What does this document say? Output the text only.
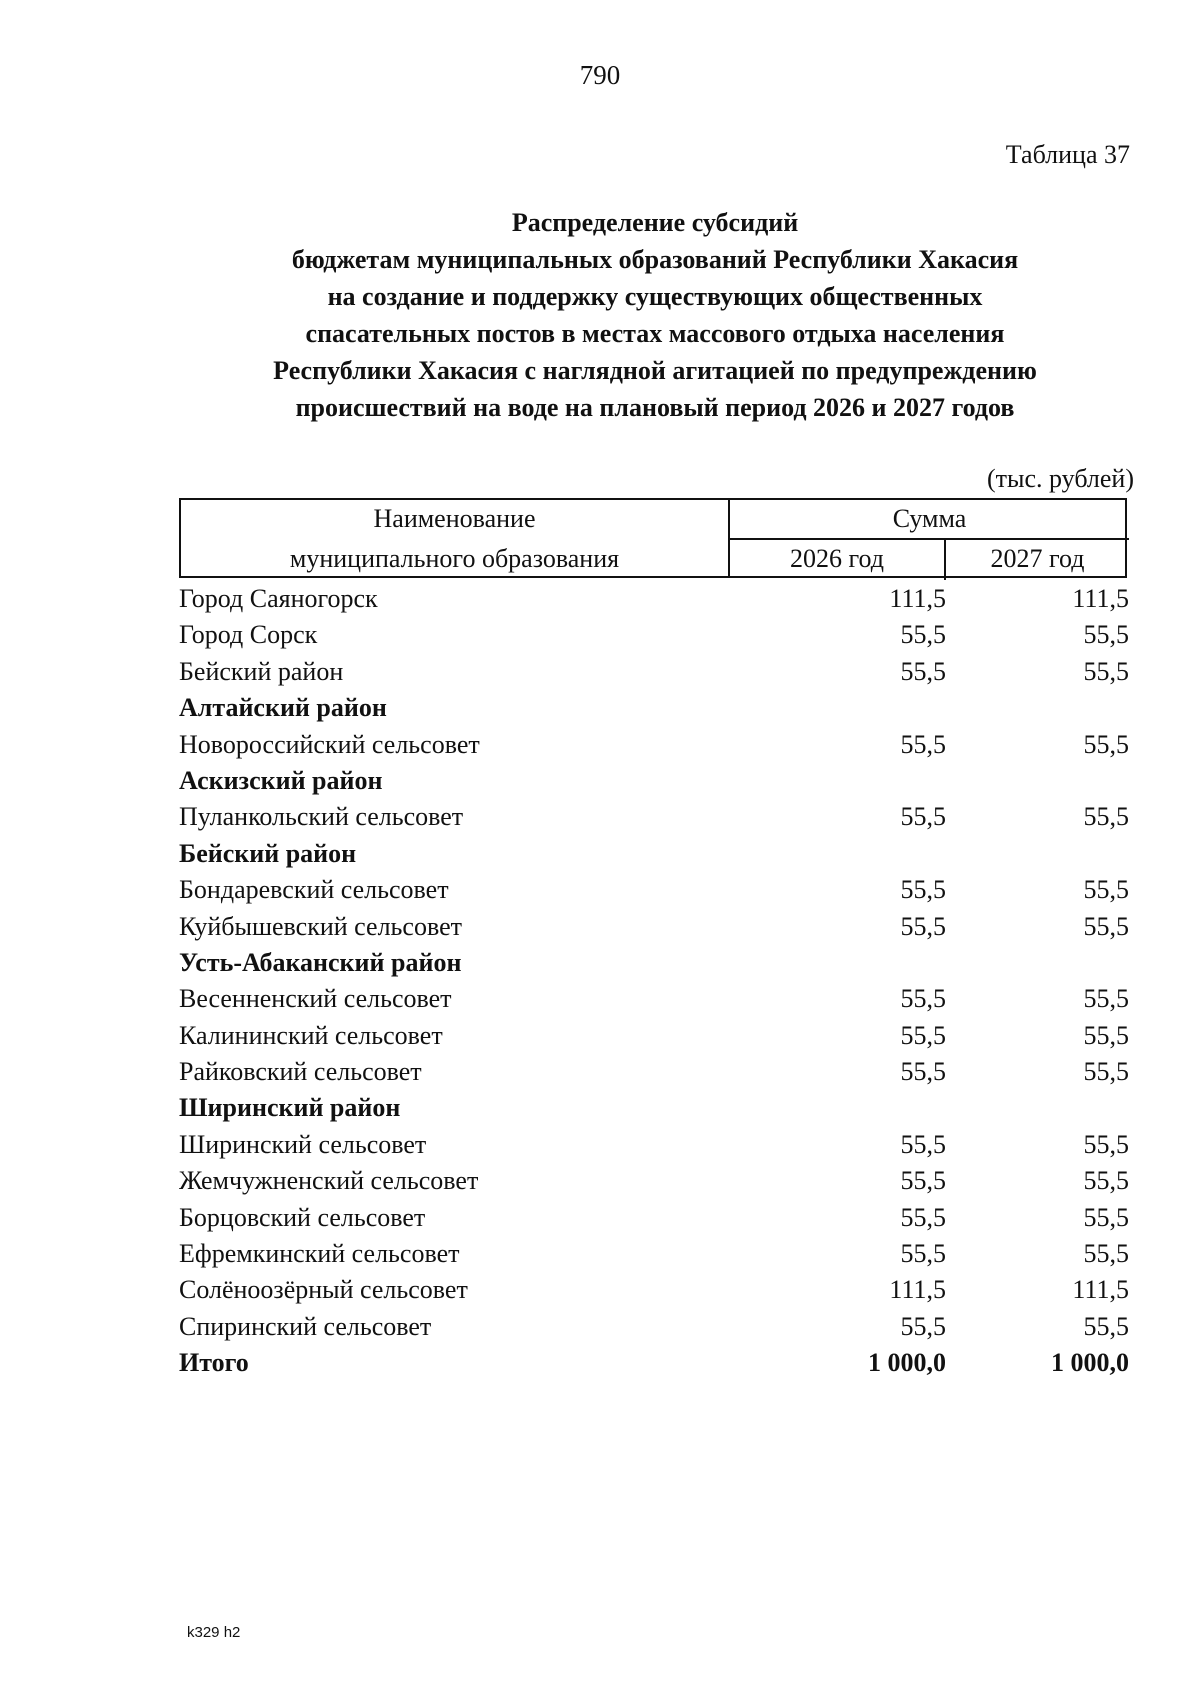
790
Таблица 37
Распределение субсидий
бюджетам муниципальных образований Республики Хакасия
на создание и поддержку существующих общественных
спасательных постов в местах массового отдыха населения
Республики Хакасия с наглядной агитацией по предупреждению
происшествий на воде на плановый период 2026 и 2027 годов
(тыс. рублей)
Наименование
муниципального образования
Сумма
2026 год	2027 год
Город Саяногорск	111,5	111,5
Город Сорск	55,5	55,5
Бейский район	55,5	55,5
Алтайский район
Новороссийский сельсовет	55,5	55,5
Аскизский район
Пуланкольский сельсовет	55,5	55,5
Бейский район
Бондаревский сельсовет	55,5	55,5
Куйбышевский сельсовет	55,5	55,5
Усть-Абаканский район
Весенненский сельсовет	55,5	55,5
Калининский сельсовет	55,5	55,5
Райковский сельсовет	55,5	55,5
Ширинский район
Ширинский сельсовет	55,5	55,5
Жемчужненский сельсовет	55,5	55,5
Борцовский сельсовет	55,5	55,5
Ефремкинский сельсовет	55,5	55,5
Солёноозёрный сельсовет	111,5	111,5
Спиринский сельсовет	55,5	55,5
Итого	1 000,0	1 000,0
k329 h2
